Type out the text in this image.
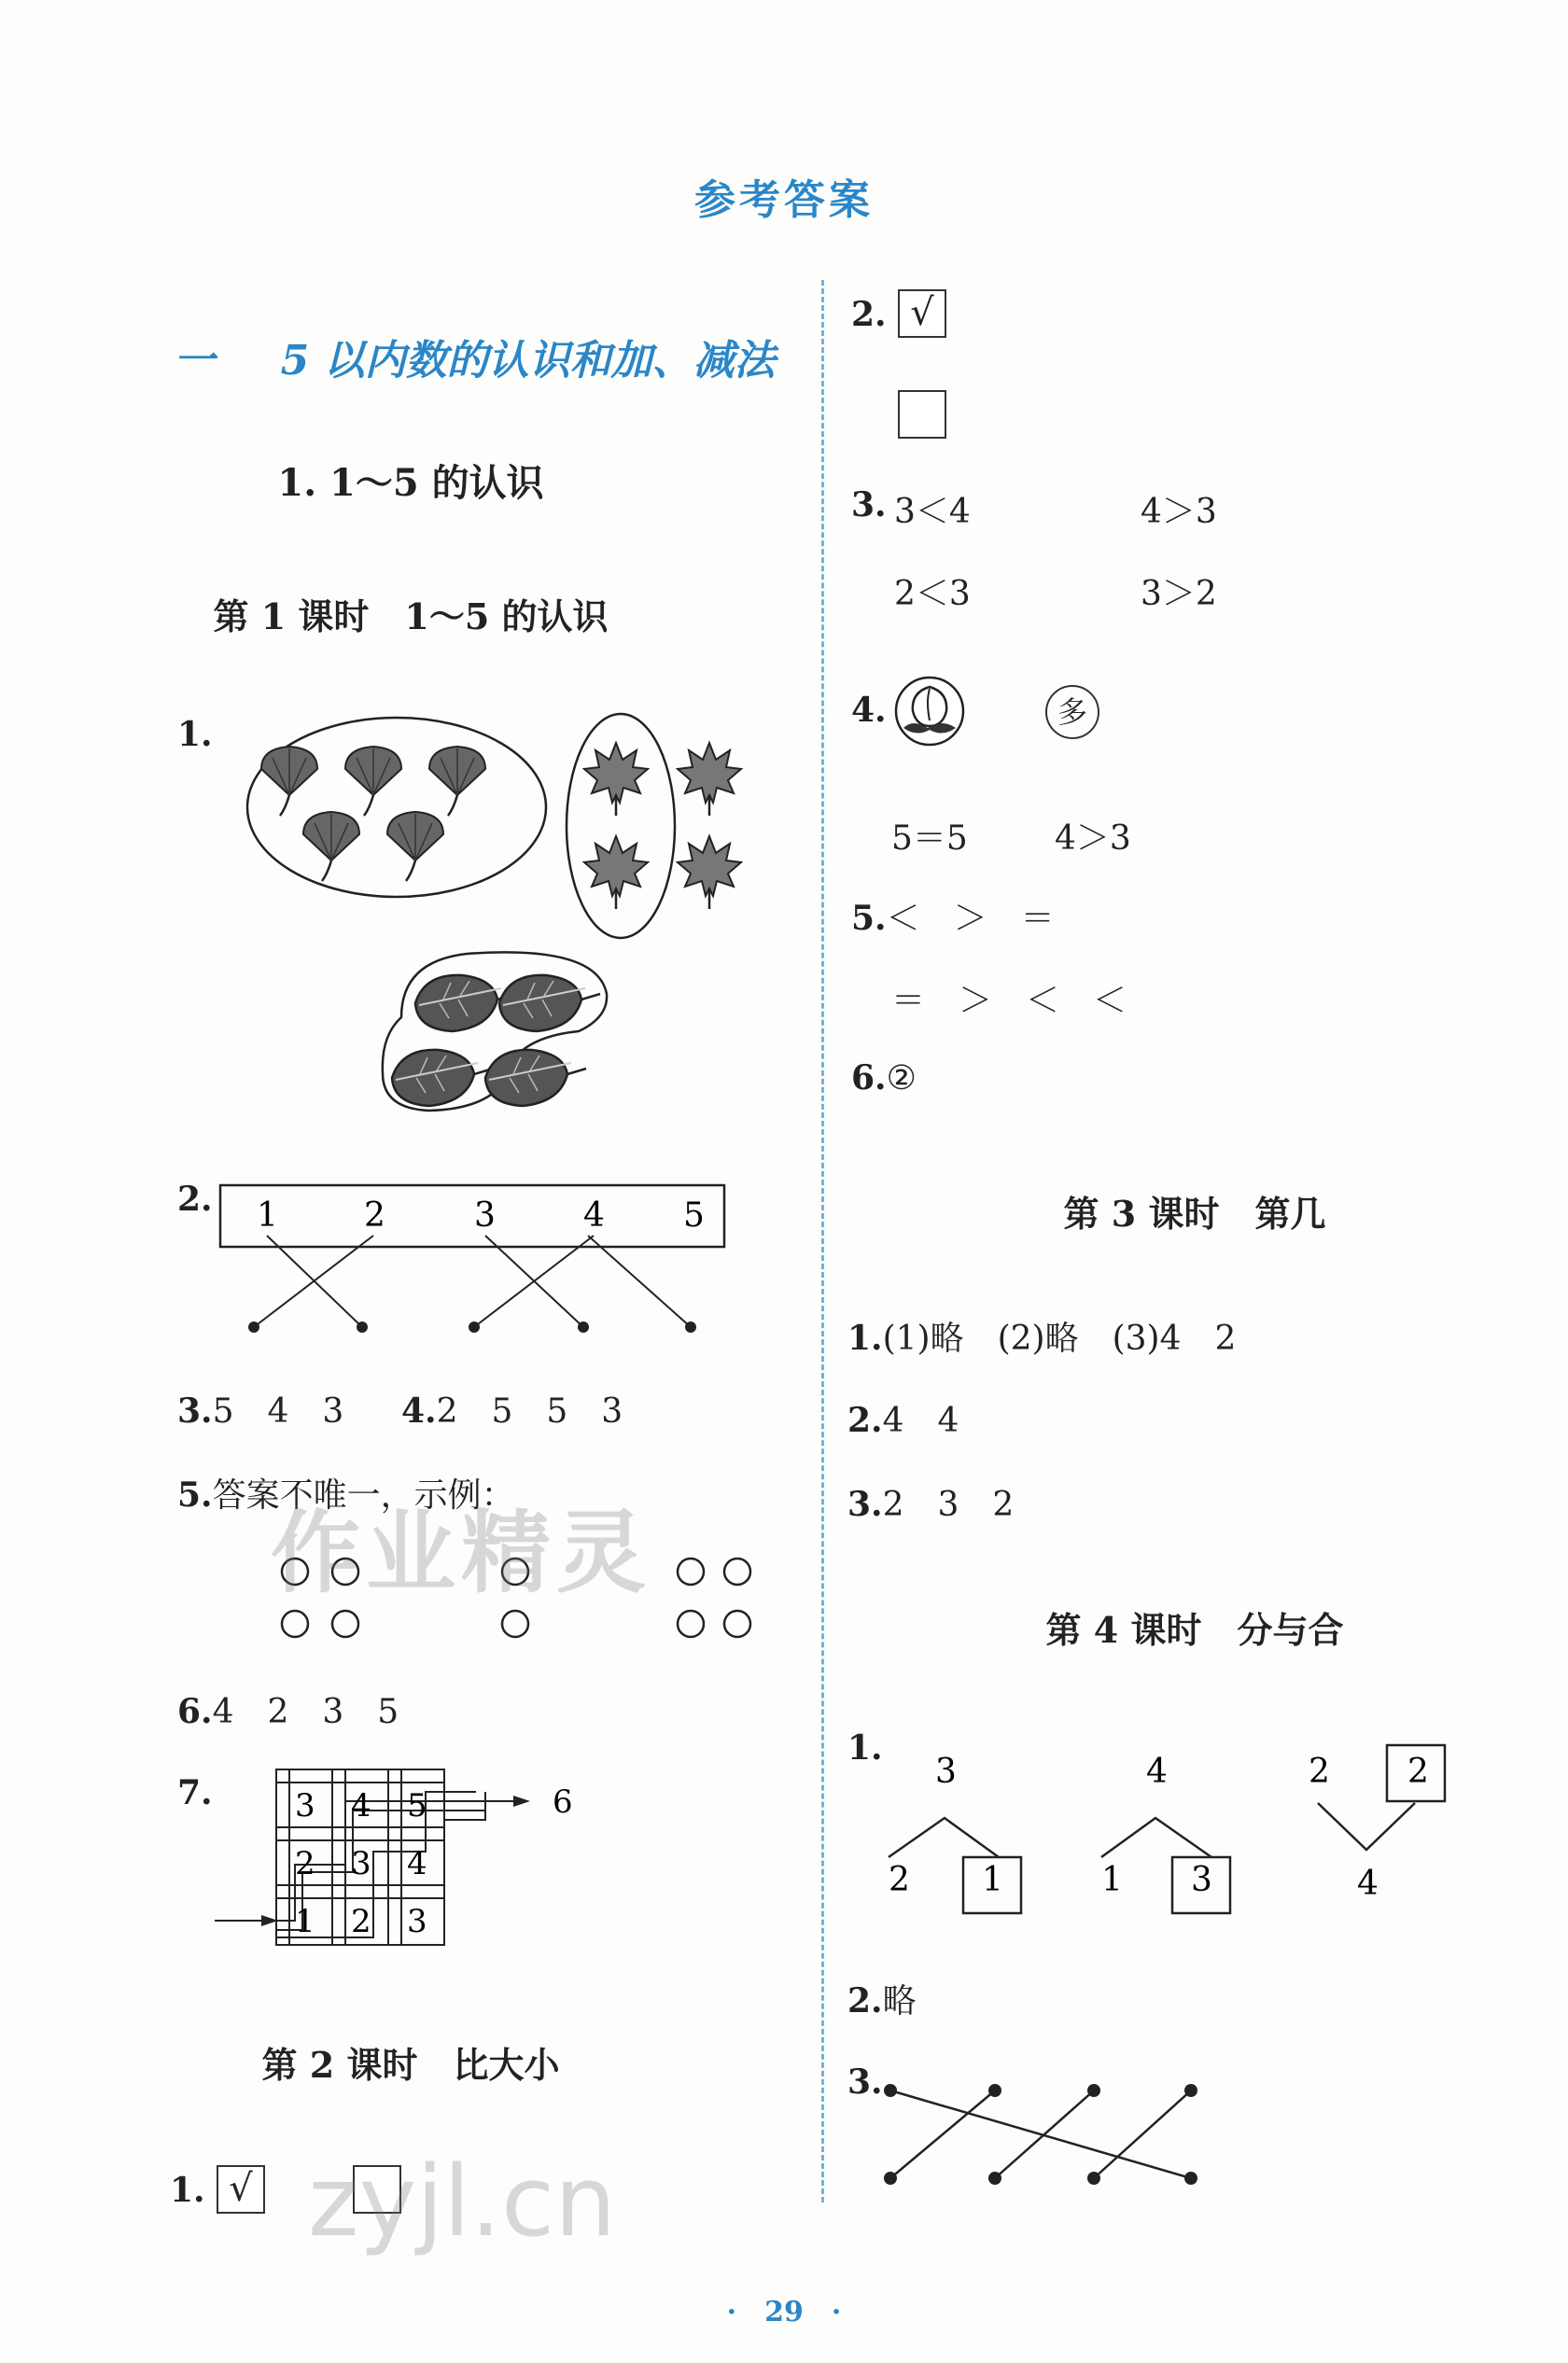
参考答案
一 5 以内数的认识和加、减法
1. 1～5 的认识
第 1 课时　1～5 的认识
1.
2. 1	2	3	4 5
3.5　4　3 4.2　5　5　3
5.答案不唯一，示例：
6.4　2　3　5
7.	3 4 5
2 3 4
1 2 3
6
第 2 课时　比大小
1. √
2. √
3. 3＜4	4＞3
2＜3	3＞2
4.	多
5＝5	4＞3
5.＜　＞　＝
＝　＞　＜　＜
6.②
第 3 课时　第几
1.(1)略　(2)略　(3)4　2
2.4　4
3.2　3　2
第 4 课时　分与合
1.
3
2 1
4
1 3
2 2
4
2.略
3.
作业精灵
zyjl.cn
·　29　·
